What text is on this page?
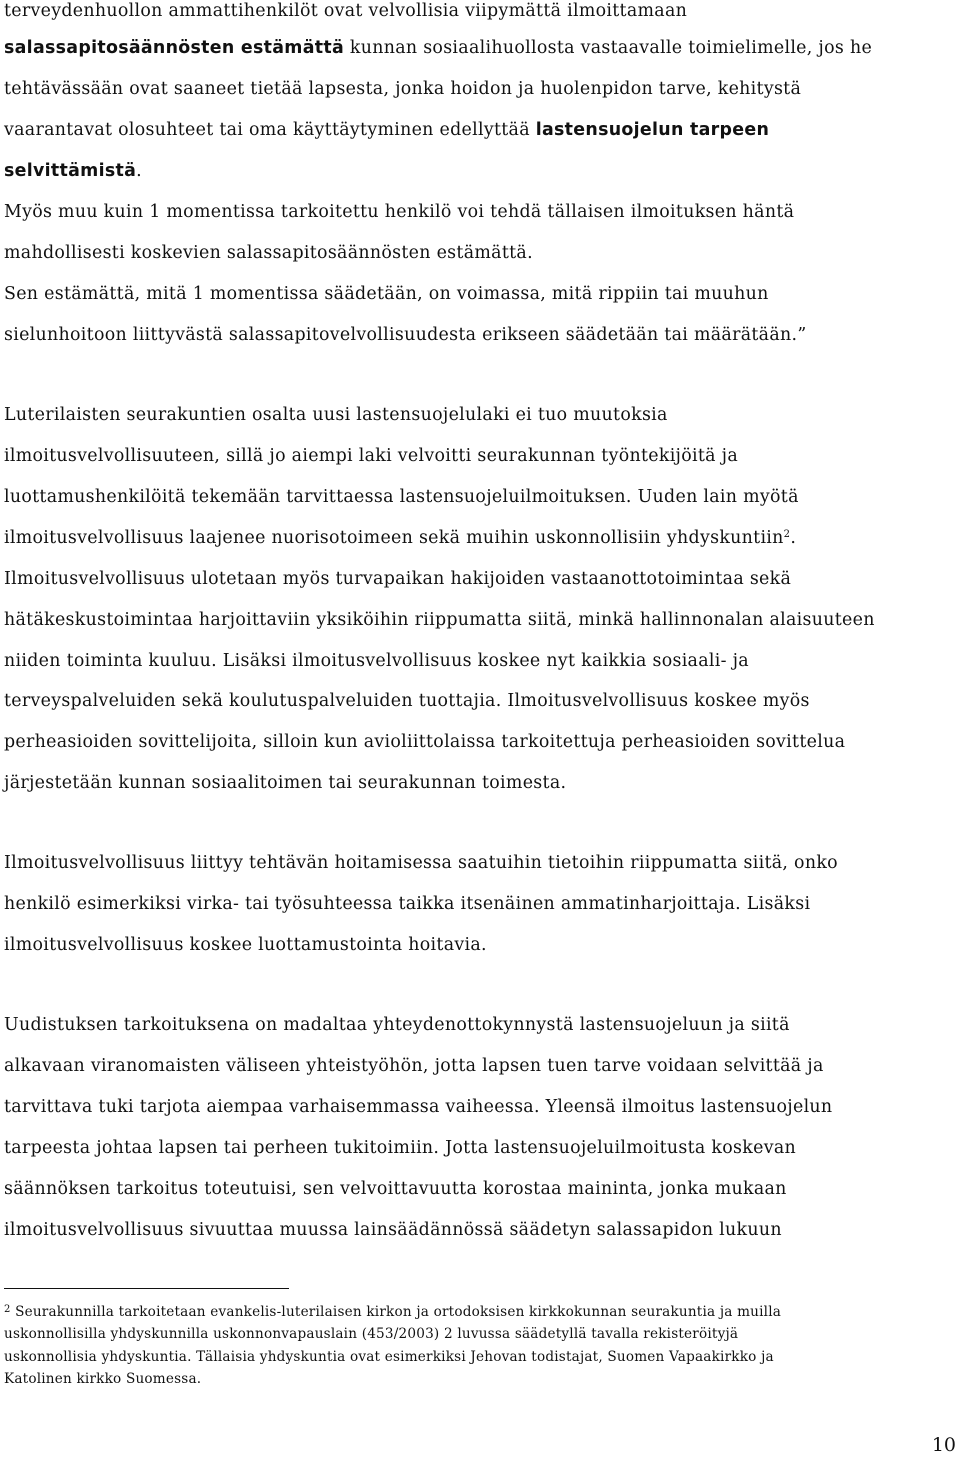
terveydenhuollon ammattihenkilöt ovat velvollisia viipymättä ilmoittamaan

salassapitosäännösten estämättä kunnan sosiaalihuollosta vastaavalle toimielimelle, jos he

tehtävässään ovat saaneet tietää lapsesta, jonka hoidon ja huolenpidon tarve, kehitystä

vaarantavat olosuhteet tai oma käyttäytyminen edellyttää lastensuojelun tarpeen

selvittämistä.

Myös muu kuin 1 momentissa tarkoitettu henkilö voi tehdä tällaisen ilmoituksen häntä

mahdollisesti koskevien salassapitosäännösten estämättä.

Sen estämättä, mitä 1 momentissa säädetään, on voimassa, mitä rippiin tai muuhun

sielunhoitoon liittyvästä salassapitovelvollisuudesta erikseen säädetään tai määrätään.”

Luterilaisten seurakuntien osalta uusi lastensuojelulaki ei tuo muutoksia

ilmoitusvelvollisuuteen, sillä jo aiempi laki velvoitti seurakunnan työntekijöitä ja

luottamushenkilöitä tekemään tarvittaessa lastensuojeluilmoituksen. Uuden lain myötä

ilmoitusvelvollisuus laajenee nuorisotoimeen sekä muihin uskonnollisiin yhdyskuntiin$^2$.

Ilmoitusvelvollisuus ulotetaan myös turvapaikan hakijoiden vastaanottotoimintaa sekä

hätäkeskustoimintaa harjoittaviin yksiköihin riippumatta siitä, minkä hallinnonalan alaisuuteen

niiden toiminta kuuluu. Lisäksi ilmoitusvelvollisuus koskee nyt kaikkia sosiaali- ja

terveyspalveluiden sekä koulutuspalveluiden tuottajia. Ilmoitusvelvollisuus koskee myös

perheasioiden sovittelijoita, silloin kun avioliittolaissa tarkoitettuja perheasioiden sovittelua

järjestetään kunnan sosiaalitoimen tai seurakunnan toimesta.

Ilmoitusvelvollisuus liittyy tehtävän hoitamisessa saatuihin tietoihin riippumatta siitä, onko

henkilö esimerkiksi virka- tai työsuhteessa taikka itsenäinen ammatinharjoittaja. Lisäksi

ilmoitusvelvollisuus koskee luottamustointa hoitavia.

Uudistuksen tarkoituksena on madaltaa yhteydenottokynnystä lastensuojeluun ja siitä

alkavaan viranomaisten väliseen yhteistyöhön, jotta lapsen tuen tarve voidaan selvittää ja

tarvittava tuki tarjota aiempaa varhaisemmassa vaiheessa. Yleensä ilmoitus lastensuojelun

tarpeesta johtaa lapsen tai perheen tukitoimiin. Jotta lastensuojeluilmoitusta koskevan

säännöksen tarkoitus toteutuisi, sen velvoittavuutta korostaa maininta, jonka mukaan

ilmoitusvelvollisuus sivuuttaa muussa lainsäädännössä säädetyn salassapidon lukuun

$^2$ Seurakunnilla tarkoitetaan evankelis-luterilaisen kirkon ja ortodoksisen kirkkokunnan seurakuntia ja muilla

uskonnollisilla yhdyskunnilla uskonnonvapauslain (453/2003) 2 luvussa säädetyllä tavalla rekisteröityjä

uskonnollisia yhdyskuntia. Tällaisia yhdyskuntia ovat esimerkiksi Jehovan todistajat, Suomen Vapaakirkko ja

Katolinen kirkko Suomessa.

10
